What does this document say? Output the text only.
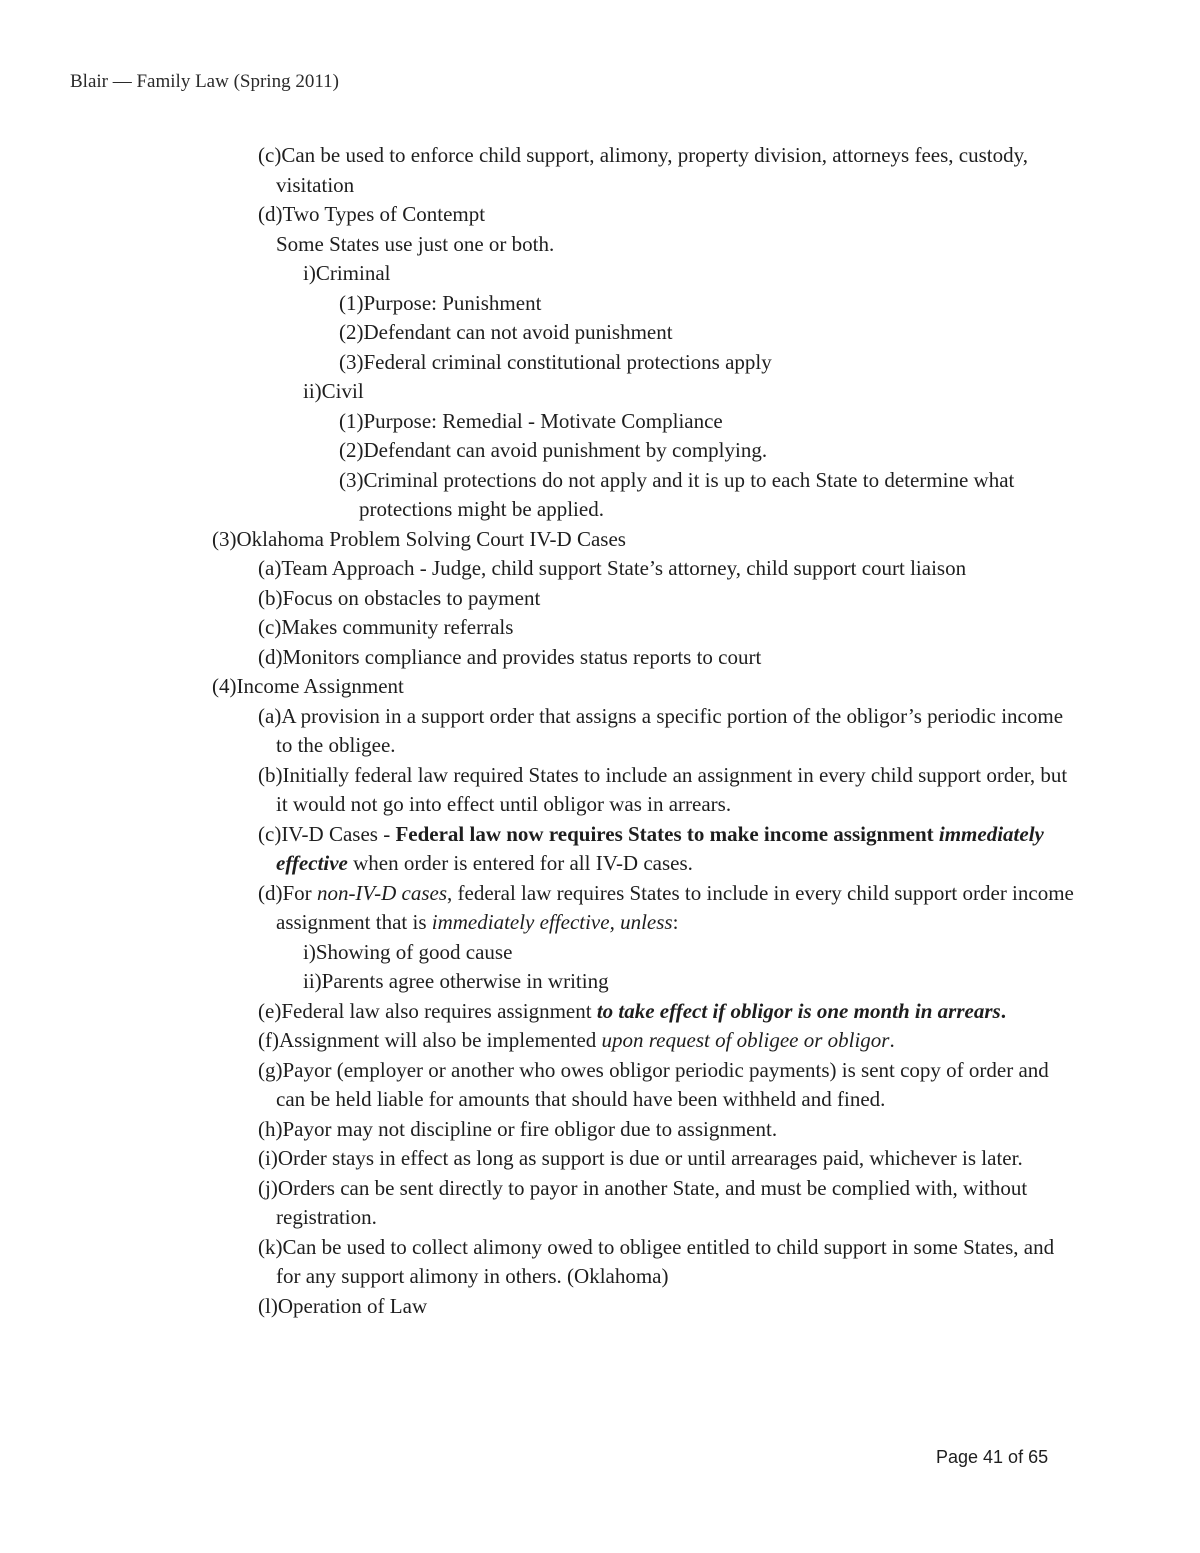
Blair — Family Law (Spring 2011)
(c)Can be used to enforce child support, alimony, property division, attorneys fees, custody, visitation
(d)Two Types of Contempt
Some States use just one or both.
i)Criminal
(1)Purpose: Punishment
(2)Defendant can not avoid punishment
(3)Federal criminal constitutional protections apply
ii)Civil
(1)Purpose: Remedial - Motivate Compliance
(2)Defendant can avoid punishment by complying.
(3)Criminal protections do not apply and it is up to each State to determine what protections might be applied.
(3)Oklahoma Problem Solving Court IV-D Cases
(a)Team Approach - Judge, child support State’s attorney, child support court liaison
(b)Focus on obstacles to payment
(c)Makes community referrals
(d)Monitors compliance and provides status reports to court
(4)Income Assignment
(a)A provision in a support order that assigns a specific portion of the obligor’s periodic income to the obligee.
(b)Initially federal law required States to include an assignment in every child support order, but it would not go into effect until obligor was in arrears.
(c)IV-D Cases - Federal law now requires States to make income assignment immediately effective when order is entered for all IV-D cases.
(d)For non-IV-D cases, federal law requires States to include in every child support order income assignment that is immediately effective, unless:
i)Showing of good cause
ii)Parents agree otherwise in writing
(e)Federal law also requires assignment to take effect if obligor is one month in arrears.
(f)Assignment will also be implemented upon request of obligee or obligor.
(g)Payor (employer or another who owes obligor periodic payments) is sent copy of order and can be held liable for amounts that should have been withheld and fined.
(h)Payor may not discipline or fire obligor due to assignment.
(i)Order stays in effect as long as support is due or until arrearages paid, whichever is later.
(j)Orders can be sent directly to payor in another State, and must be complied with, without registration.
(k)Can be used to collect alimony owed to obligee entitled to child support in some States, and for any support alimony in others. (Oklahoma)
(l)Operation of Law
Page 41 of 65
